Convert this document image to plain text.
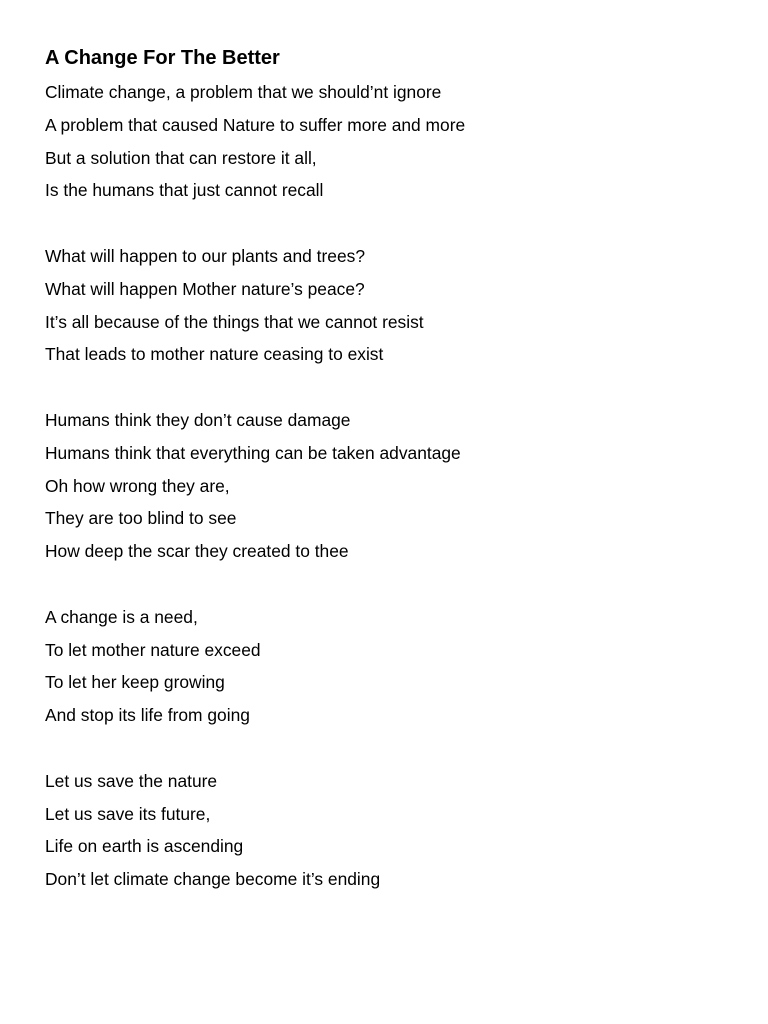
A Change For The Better
Climate change, a problem that we should’nt ignore
A problem that caused Nature to suffer more and more
But a solution that can restore it all,
Is the humans that just cannot recall
What will happen to our plants and trees?
What will happen Mother nature’s peace?
It’s all because of the things that we cannot resist
That leads to mother nature ceasing to exist
Humans think they don’t cause damage
Humans think that everything can be taken advantage
Oh how wrong they are,
They are too blind to see
How deep the scar they created to thee
A change is a need,
To let mother nature exceed
To let her keep growing
And stop its life from going
Let us save the nature
Let us save its future,
Life on earth is ascending
Don’t let climate change become it’s ending
